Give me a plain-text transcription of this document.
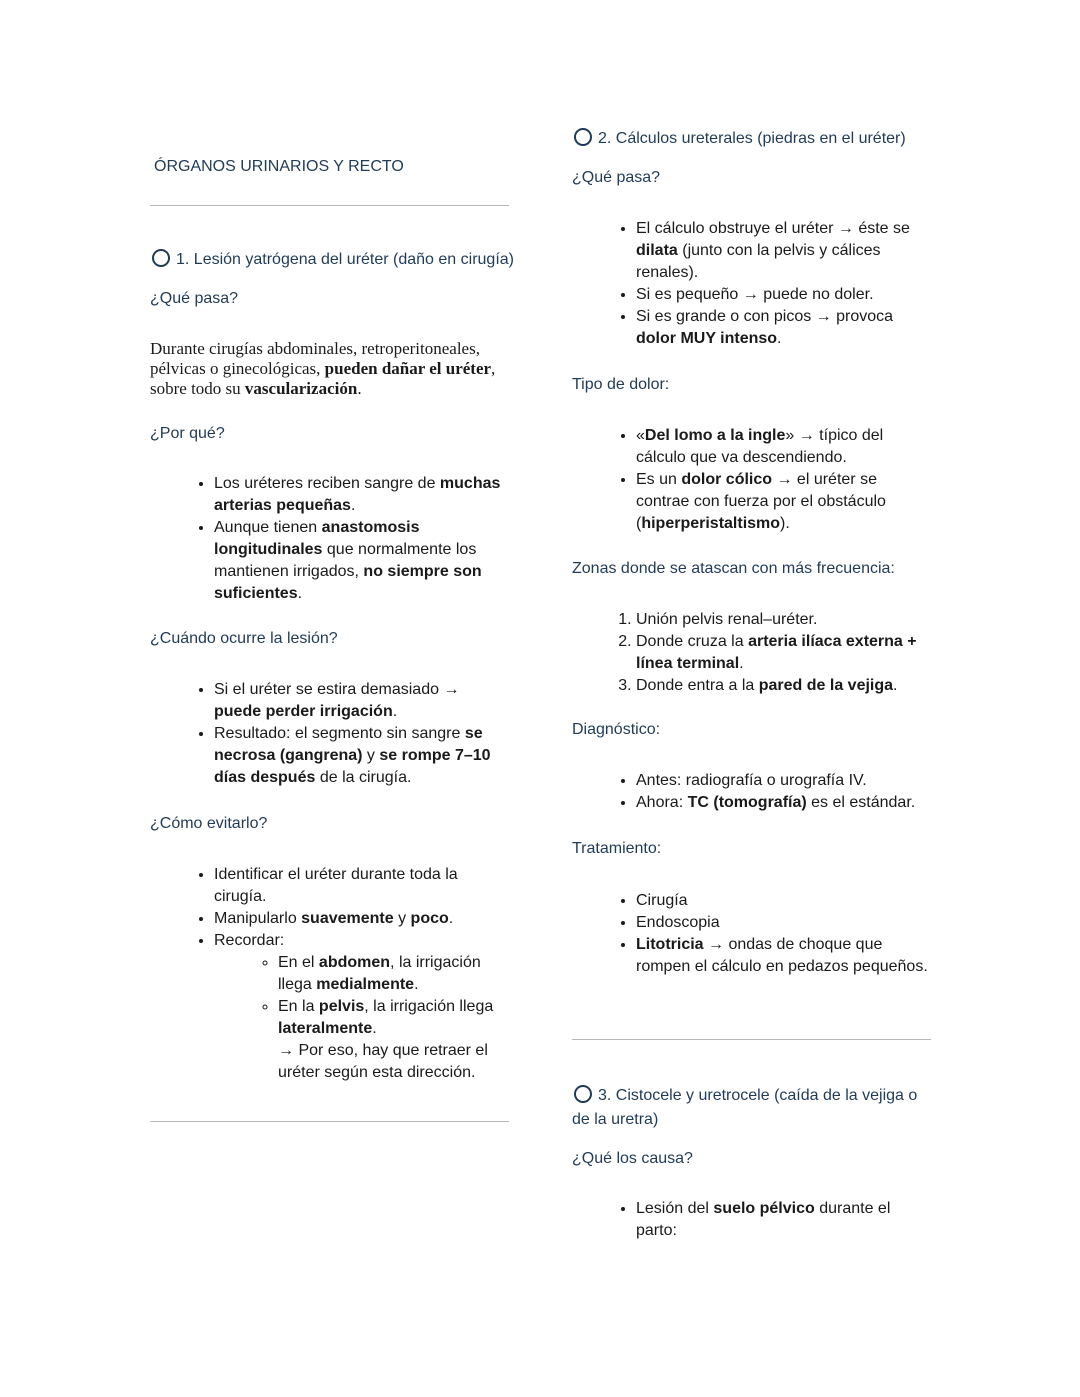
ÓRGANOS URINARIOS Y RECTO
1. Lesión yatrógena del uréter (daño en cirugía)
¿Qué pasa?
Durante cirugías abdominales, retroperitoneales, pélvicas o ginecológicas, pueden dañar el uréter, sobre todo su vascularización.
¿Por qué?
• Los uréteres reciben sangre de muchas arterias pequeñas.
• Aunque tienen anastomosis longitudinales que normalmente los mantienen irrigados, no siempre son suficientes.
¿Cuándo ocurre la lesión?
• Si el uréter se estira demasiado → puede perder irrigación.
• Resultado: el segmento sin sangre se necrosa (gangrena) y se rompe 7–10 días después de la cirugía.
¿Cómo evitarlo?
• Identificar el uréter durante toda la cirugía.
• Manipularlo suavemente y poco.
• Recordar:
◦ En el abdomen, la irrigación llega medialmente.
◦ En la pelvis, la irrigación llega lateralmente.
→ Por eso, hay que retraer el uréter según esta dirección.
2. Cálculos ureterales (piedras en el uréter)
¿Qué pasa?
• El cálculo obstruye el uréter → éste se dilata (junto con la pelvis y cálices renales).
• Si es pequeño → puede no doler.
• Si es grande o con picos → provoca dolor MUY intenso.
Tipo de dolor:
• «Del lomo a la ingle» → típico del cálculo que va descendiendo.
• Es un dolor cólico → el uréter se contrae con fuerza por el obstáculo (hiperperistaltismo).
Zonas donde se atascan con más frecuencia:
1. Unión pelvis renal–uréter.
2. Donde cruza la arteria ilíaca externa + línea terminal.
3. Donde entra a la pared de la vejiga.
Diagnóstico:
• Antes: radiografía o urografía IV.
• Ahora: TC (tomografía) es el estándar.
Tratamiento:
• Cirugía
• Endoscopia
• Litotricia → ondas de choque que rompen el cálculo en pedazos pequeños.
3. Cistocele y uretrocele (caída de la vejiga o
de la uretra)
¿Qué los causa?
• Lesión del suelo pélvico durante el parto:
